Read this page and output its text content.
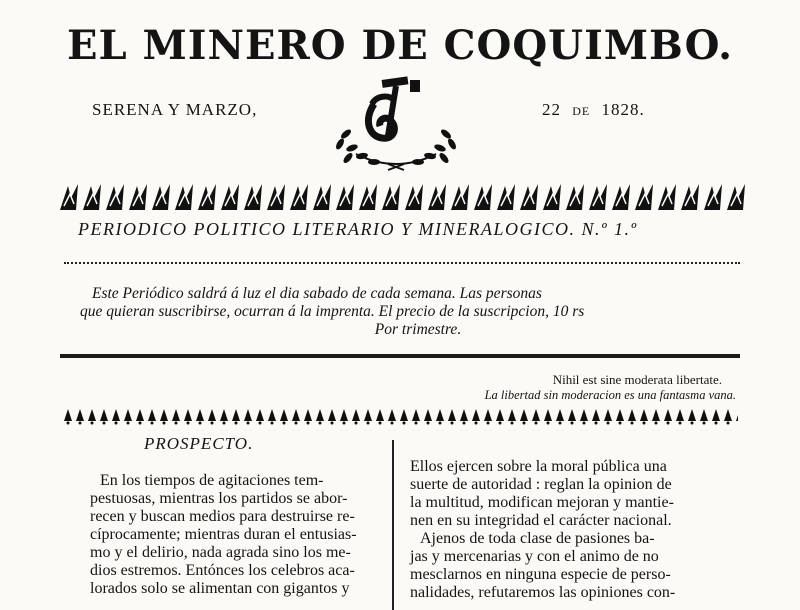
EL MINERO DE COQUIMBO.
SERENA Y MARZO,	22 DE 1828.
PERIODICO POLITICO LITERARIO Y MINERALOGICO. N.º 1.º
Este Periódico saldrá á luz el dia sabado de cada semana. Las personas
que quieran suscribirse, ocurran á la imprenta. El precio de la suscripcion, 10 rs
Por trimestre.
Nihil est sine moderata libertate.
La libertad sin moderacion es una fantasma vana.
PROSPECTO.

En los tiempos de agitaciones tem-

pestuosas, mientras los partidos se abor-

recen y buscan medios para destruirse re-

cíprocamente; mientras duran el entusias-

mo y el delirio, nada agrada sino los me-

dios estremos. Entónces los celebros aca-

lorados solo se alimentan con gigantos y

Ellos ejercen sobre la moral pública una

suerte de autoridad : reglan la opinion de

la multitud, modifican mejoran y mantie-

nen en su integridad el carácter nacional.

Ajenos de toda clase de pasiones ba-

jas y mercenarias y con el animo de no

mesclarnos en ninguna especie de perso-

nalidades, refutaremos las opiniones con-
